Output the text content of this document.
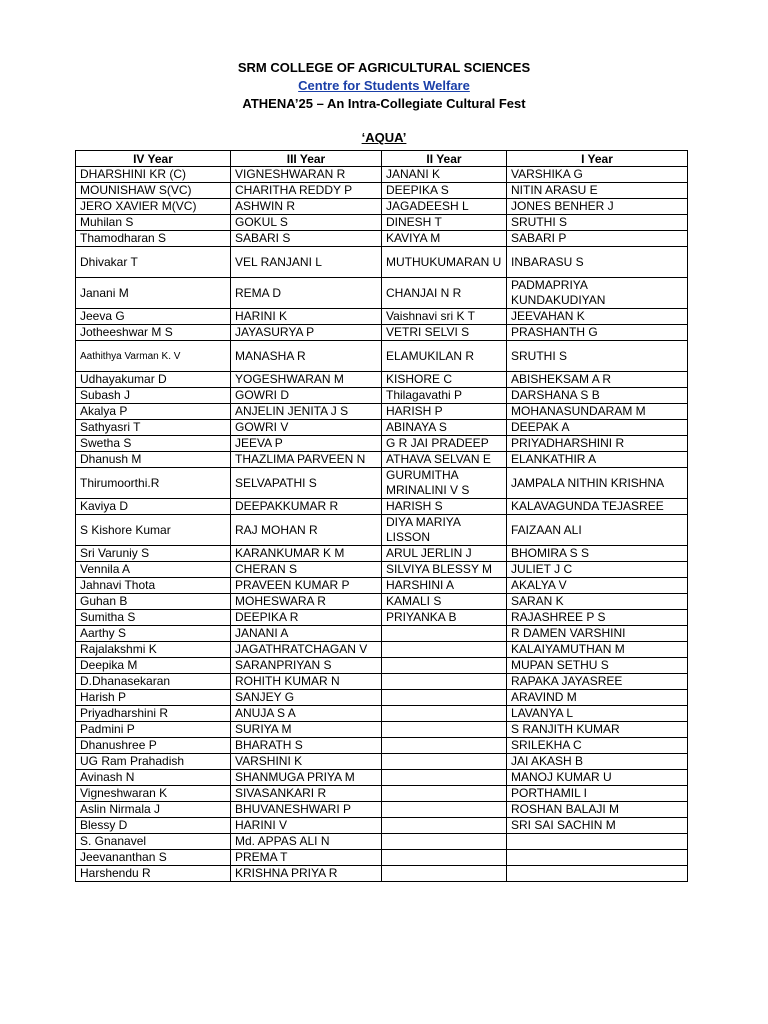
SRM COLLEGE OF AGRICULTURAL SCIENCES
Centre for Students Welfare
ATHENA’25 – An Intra-Collegiate Cultural Fest
‘AQUA’
IV Year	III Year	II Year	I Year
DHARSHINI KR (C)	VIGNESHWARAN R	JANANI K	VARSHIKA G
MOUNISHAW S(VC)	CHARITHA REDDY P	DEEPIKA S	NITIN ARASU E
JERO XAVIER M(VC)	ASHWIN R	JAGADEESH L	JONES BENHER J
Muhilan S	GOKUL S	DINESH T	SRUTHI S
Thamodharan S	SABARI S	KAVIYA M	SABARI P
Dhivakar T	VEL RANJANI L	MUTHUKUMARAN U	INBARASU S
Janani M	REMA D	CHANJAI N R	PADMAPRIYA KUNDAKUDIYAN
Jeeva G	HARINI K	Vaishnavi sri K T	JEEVAHAN K
Jotheeshwar M S	JAYASURYA P	VETRI SELVI S	PRASHANTH G
Aathithya Varman K. V	MANASHA R	ELAMUKILAN R	SRUTHI S
Udhayakumar D	YOGESHWARAN M	KISHORE C	ABISHEKSAM A R
Subash J	GOWRI D	Thilagavathi P	DARSHANA S B
Akalya P	ANJELIN JENITA J S	HARISH P	MOHANASUNDARAM M
Sathyasri T	GOWRI V	ABINAYA S	DEEPAK A
Swetha S	JEEVA P	G R JAI PRADEEP	PRIYADHARSHINI R
Dhanush M	THAZLIMA PARVEEN N	ATHAVA SELVAN E	ELANKATHIR A
Thirumoorthi.R	SELVAPATHI S	GURUMITHA MRINALINI V S	JAMPALA NITHIN KRISHNA
Kaviya D	DEEPAKKUMAR R	HARISH S	KALAVAGUNDA TEJASREE
S Kishore Kumar	RAJ MOHAN R	DIYA MARIYA LISSON	FAIZAAN ALI
Sri Varuniy S	KARANKUMAR K M	ARUL JERLIN J	BHOMIRA S S
Vennila A	CHERAN S	SILVIYA BLESSY M	JULIET J C
Jahnavi Thota	PRAVEEN KUMAR P	HARSHINI A	AKALYA V
Guhan B	MOHESWARA R	KAMALI S	SARAN K
Sumitha S	DEEPIKA R	PRIYANKA B	RAJASHREE P S
Aarthy S	JANANI A		R DAMEN VARSHINI
Rajalakshmi K	JAGATHRATCHAGAN V		KALAIYAMUTHAN M
Deepika M	SARANPRIYAN S		MUPAN SETHU S
D.Dhanasekaran	ROHITH KUMAR N		RAPAKA JAYASREE
Harish P	SANJEY G		ARAVIND M
Priyadharshini R	ANUJA S A		LAVANYA L
Padmini P	SURIYA M		S RANJITH KUMAR
Dhanushree P	BHARATH S		SRILEKHA C
UG Ram Prahadish	VARSHINI K		JAI AKASH B
Avinash N	SHANMUGA PRIYA M		MANOJ KUMAR U
Vigneshwaran K	SIVASANKARI R		PORTHAMIL I
Aslin Nirmala J	BHUVANESHWARI P		ROSHAN BALAJI M
Blessy D	HARINI V		SRI SAI SACHIN M
S. Gnanavel	Md. APPAS ALI N		
Jeevananthan S	PREMA T		
Harshendu R	KRISHNA PRIYA R		
